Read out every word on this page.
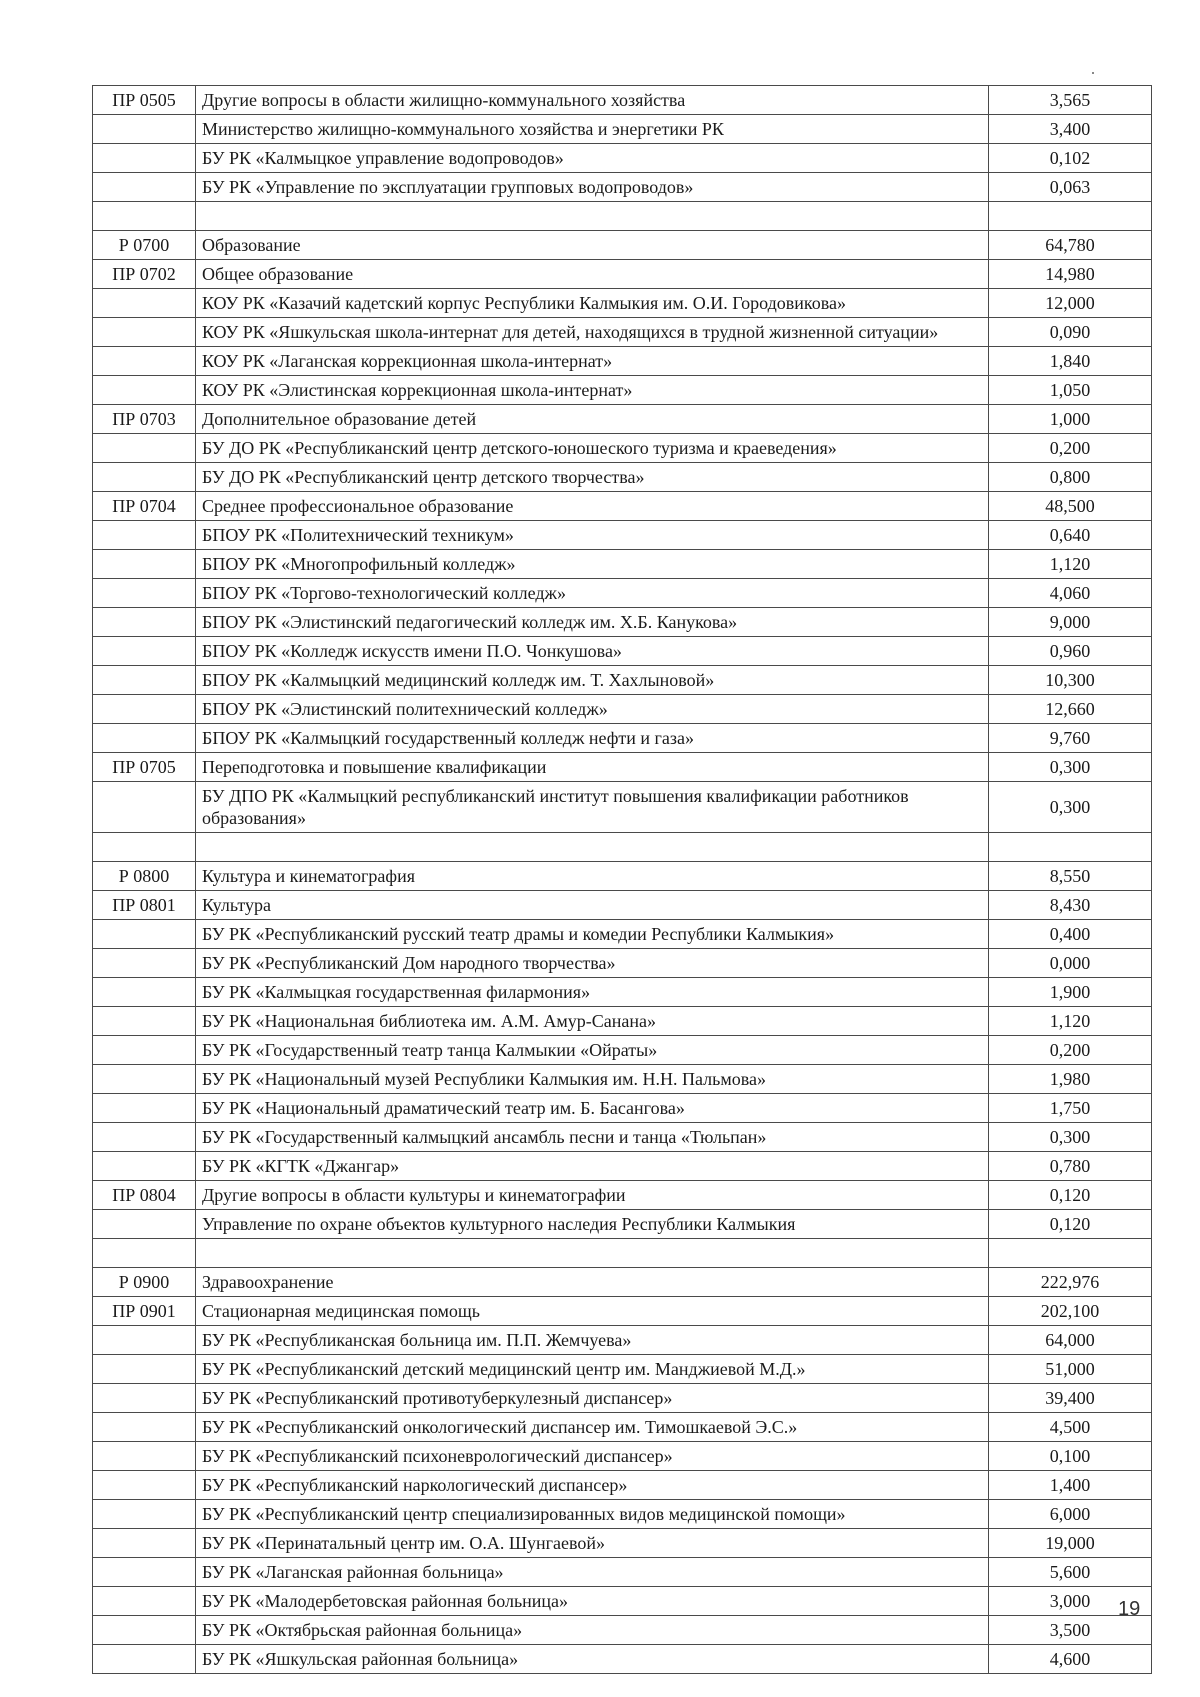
ПР 0505	Другие вопросы в области жилищно-коммунального хозяйства	3,565
	Министерство жилищно-коммунального хозяйства и энергетики РК	3,400
	БУ РК «Калмыцкое управление водопроводов»	0,102
	БУ РК «Управление по эксплуатации групповых водопроводов»	0,063

Р 0700	Образование	64,780
ПР 0702	Общее образование	14,980
	КОУ РК «Казачий кадетский корпус Республики Калмыкия им. О.И. Городовикова»	12,000
	КОУ РК «Яшкульская школа-интернат для детей, находящихся в трудной жизненной ситуации»	0,090
	КОУ РК «Лаганская коррекционная школа-интернат»	1,840
	КОУ РК «Элистинская коррекционная школа-интернат»	1,050
ПР 0703	Дополнительное образование детей	1,000
	БУ ДО РК «Республиканский центр детского-юношеского туризма и краеведения»	0,200
	БУ ДО РК «Республиканский центр детского творчества»	0,800
ПР 0704	Среднее профессиональное образование	48,500
	БПОУ РК «Политехнический техникум»	0,640
	БПОУ РК «Многопрофильный колледж»	1,120
	БПОУ РК «Торгово-технологический колледж»	4,060
	БПОУ РК «Элистинский педагогический колледж им. Х.Б. Канукова»	9,000
	БПОУ РК «Колледж искусств имени П.О. Чонкушова»	0,960
	БПОУ РК «Калмыцкий медицинский колледж им. Т. Хахлыновой»	10,300
	БПОУ РК «Элистинский политехнический колледж»	12,660
	БПОУ РК «Калмыцкий государственный колледж нефти и газа»	9,760
ПР 0705	Переподготовка и повышение квалификации	0,300
	БУ ДПО РК «Калмыцкий республиканский институт повышения квалификации работников образования»	0,300

Р 0800	Культура и кинематография	8,550
ПР 0801	Культура	8,430
	БУ РК «Республиканский русский театр драмы и комедии Республики Калмыкия»	0,400
	БУ РК «Республиканский Дом народного творчества»	0,000
	БУ РК «Калмыцкая государственная филармония»	1,900
	БУ РК «Национальная библиотека им. А.М. Амур-Санана»	1,120
	БУ РК «Государственный театр танца Калмыкии «Ойраты»	0,200
	БУ РК «Национальный музей Республики Калмыкия им. Н.Н. Пальмова»	1,980
	БУ РК «Национальный драматический театр им. Б. Басангова»	1,750
	БУ РК «Государственный калмыцкий ансамбль песни и танца «Тюльпан»	0,300
	БУ РК «КГТК «Джангар»	0,780
ПР 0804	Другие вопросы в области культуры и кинематографии	0,120
	Управление по охране объектов культурного наследия Республики Калмыкия	0,120

Р 0900	Здравоохранение	222,976
ПР 0901	Стационарная медицинская помощь	202,100
	БУ РК «Республиканская больница им. П.П. Жемчуева»	64,000
	БУ РК «Республиканский детский медицинский центр им. Манджиевой М.Д.»	51,000
	БУ РК «Республиканский противотуберкулезный диспансер»	39,400
	БУ РК «Республиканский онкологический диспансер им. Тимошкаевой Э.С.»	4,500
	БУ РК «Республиканский психоневрологический диспансер»	0,100
	БУ РК «Республиканский наркологический диспансер»	1,400
	БУ РК «Республиканский центр специализированных видов медицинской помощи»	6,000
	БУ РК «Перинатальный центр им. О.А. Шунгаевой»	19,000
	БУ РК «Лаганская районная больница»	5,600
	БУ РК «Малодербетовская районная больница»	3,000
	БУ РК «Октябрьская районная больница»	3,500
	БУ РК «Яшкульская районная больница»	4,600
19
